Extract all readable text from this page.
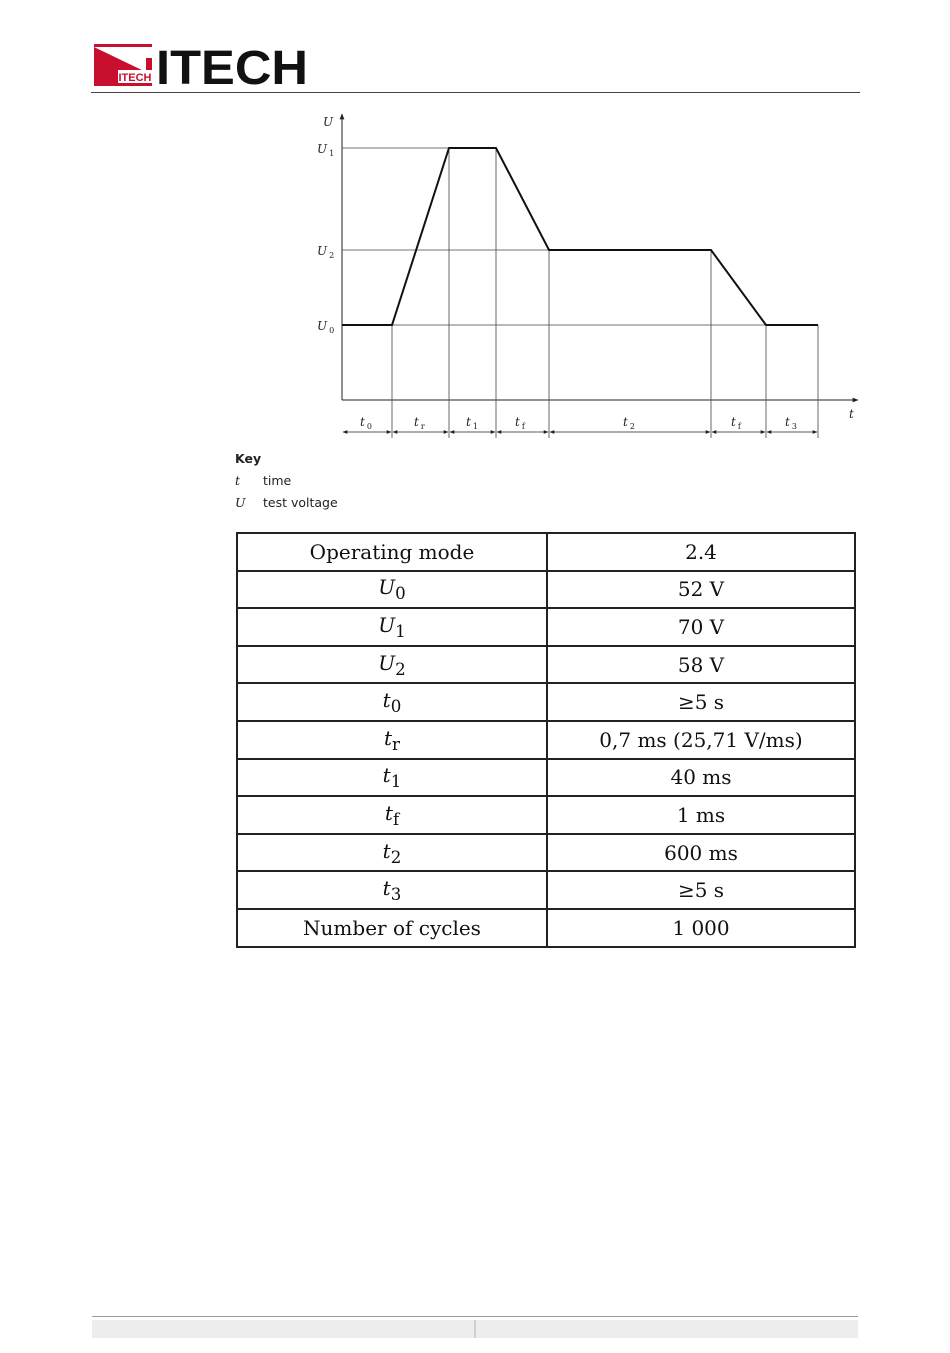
ITECH ITECH
U
t
U $_1$
U $_2$
U $_0$
t $_0$	t $_r$	t $_1$	t $_f$	t $_2$	t $_f$	t $_3$
Key
t	time
U	test voltage
Operating mode	2.4
$U_0$	52 V
$U_1$	70 V
$U_2$	58 V
$t_0$	≥5 s
$t_r$	0,7 ms (25,71 V/ms)
$t_1$	40 ms
$t_f$	1 ms
$t_2$	600 ms
$t_3$	≥5 s
Number of cycles	1 000
